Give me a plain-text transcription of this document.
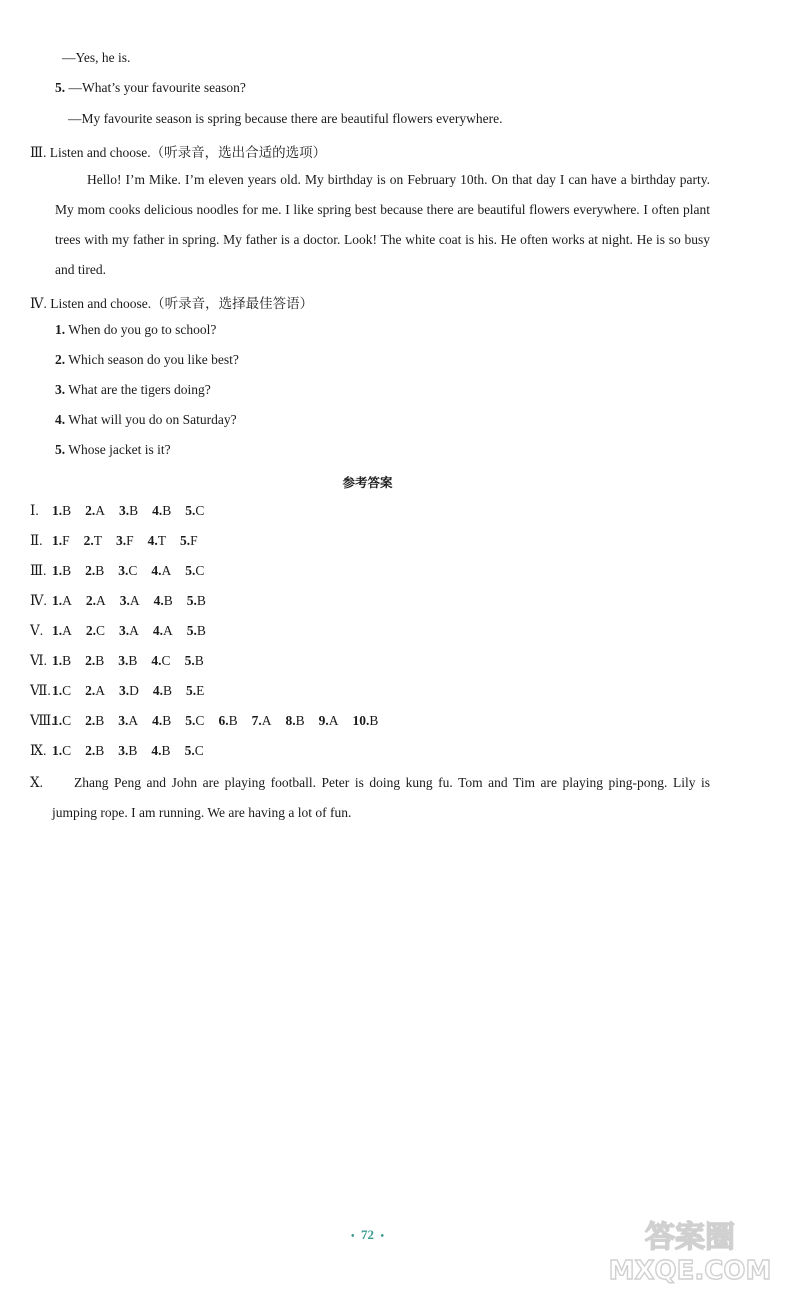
—Yes, he is.
5. —What’s your favourite season?
—My favourite season is spring because there are beautiful flowers everywhere.
Ⅲ. Listen and choose.（听录音，选出合适的选项）
Hello! I’m Mike. I’m eleven years old. My birthday is on February 10th. On that day I can have a birthday party. My mom cooks delicious noodles for me. I like spring best because there are beautiful flowers everywhere. I often plant trees with my father in spring. My father is a doctor. Look! The white coat is his. He often works at night. He is so busy and tired.
Ⅳ. Listen and choose.（听录音，选择最佳答语）
1. When do you go to school?
2. Which season do you like best?
3. What are the tigers doing?
4. What will you do on Saturday?
5. Whose jacket is it?
参考答案
Ⅰ. 1.B 2.A 3.B 4.B 5.C
Ⅱ. 1.F 2.T 3.F 4.T 5.F
Ⅲ. 1.B 2.B 3.C 4.A 5.C
Ⅳ. 1.A 2.A 3.A 4.B 5.B
Ⅴ. 1.A 2.C 3.A 4.A 5.B
Ⅵ. 1.B 2.B 3.B 4.C 5.B
Ⅶ.1.C 2.A 3.D 4.B 5.E
Ⅷ.1.C 2.B 3.A 4.B 5.C 6.B 7.A 8.B 9.A 10.B
Ⅸ. 1.C 2.B 3.B 4.B 5.C
Ⅹ.	Zhang Peng and John are playing football. Peter is doing kung fu. Tom and Tim are playing ping-pong. Lily is jumping rope. I am running. We are having a lot of fun.
• 72 •	答案圈
MXQE.COM
